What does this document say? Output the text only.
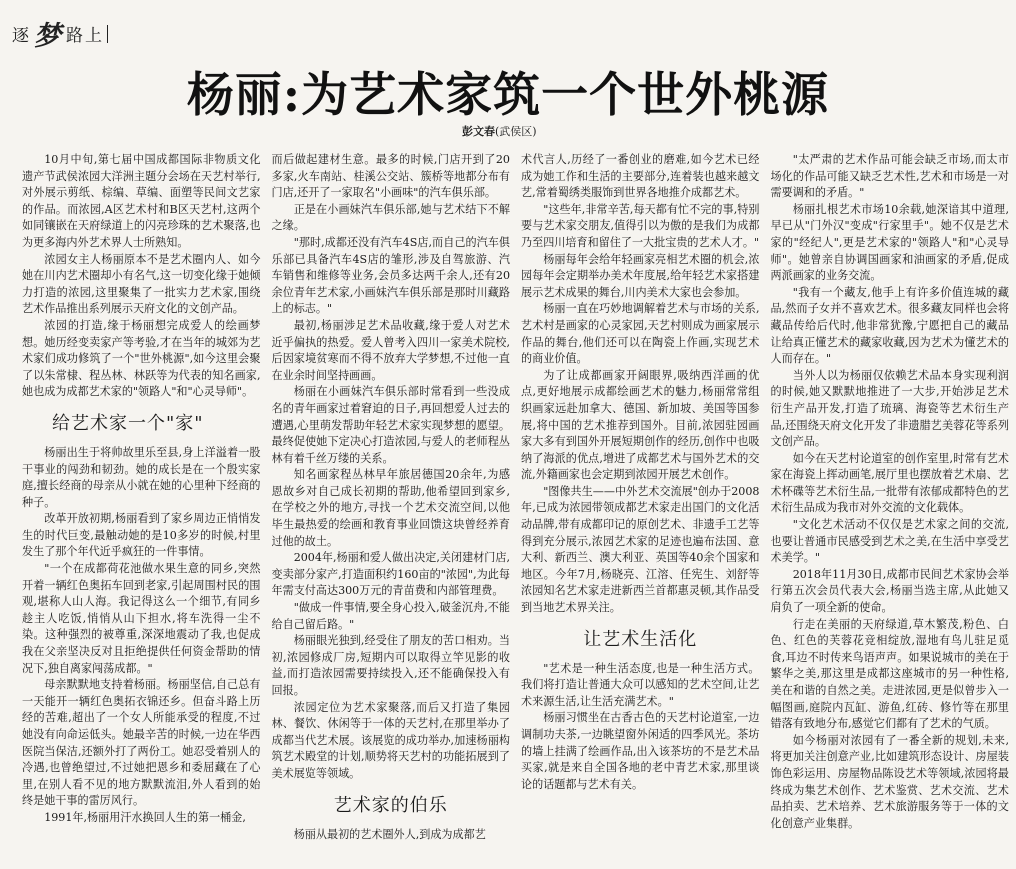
逐 梦 路上
杨丽:为艺术家筑一个世外桃源
彭文春(武侯区)

10月中旬,第七届中国成都国际非物质文化遗产节武侯浓园大洋洲主题分会场在天艺村举行,对外展示剪纸、棕编、草编、面塑等民间文艺家的作品。而浓园,A区艺术村和B区天艺村,这两个如同镶嵌在天府绿道上的闪亮珍珠的艺术聚落,也为更多海内外艺术界人士所熟知。

浓园女主人杨丽原本不是艺术圈内人、如今她在川内艺术圈却小有名气,这一切变化缘于她倾力打造的浓园,这里聚集了一批实力艺术家,围绕艺术作品推出系列展示天府文化的文创产品。

浓园的打造,缘于杨丽想完成爱人的绘画梦想。她历经变卖家产等考验,才在当年的城郊为艺术家们成功修筑了一个"世外桃源",如今这里会聚了以朱常棣、程丛林、林跃等为代表的知名画家,她也成为成都艺术家的"领路人"和"心灵导师"。

给艺术家一个"家"

杨丽出生于将帅故里乐至县,身上洋溢着一股干事业的闯劲和韧劲。她的成长是在一个殷实家庭,擅长经商的母亲从小就在她的心里种下经商的种子。

改革开放初期,杨丽看到了家乡周边正悄悄发生的时代巨变,最触动她的是10多岁的时候,村里发生了那个年代近乎疯狂的一件事情。

"一个在成都荷花池做水果生意的同乡,突然开着一辆红色奥拓车回到老家,引起周围村民的围观,堪称人山人海。我记得这么一个细节,有同乡趁主人吃饭,悄悄从山下担水,将车洗得一尘不染。这种强烈的被尊重,深深地震动了我,也促成我在父亲坚决反对且拒绝提供任何资金帮助的情况下,独自离家闯荡成都。"

母亲默默地支持着杨丽。杨丽坚信,自己总有一天能开一辆红色奥拓衣锦还乡。但奋斗路上历经的苦难,超出了一个女人所能承受的程度,不过她没有向命运低头。她最辛苦的时候,一边在华西医院当保洁,还额外打了两份工。她忍受着别人的冷遇,也曾绝望过,不过她把恩乡和委屈藏在了心里,在别人看不见的地方默默流泪,外人看到的始终是她干事的雷厉风行。

1991年,杨丽用汗水换回人生的第一桶金,

而后做起建材生意。最多的时候,门店开到了20多家,火车南站、桂溪公交站、簇桥等地都分布有门店,还开了一家取名"小画味"的汽车俱乐部。

正是在小画妹汽车俱乐部,她与艺术结下不解之缘。

"那时,成都还没有汽车4S店,而自己的汽车俱乐部已具备汽车4S店的雏形,涉及自驾旅游、汽车销售和维修等业务,会员多达两千余人,还有20余位青年艺术家,小画妹汽车俱乐部是那时川藏路上的标志。"

最初,杨丽涉足艺术品收藏,缘于爱人对艺术近乎偏执的热爱。爱人曾考入四川一家美术院校,后因家境贫寒而不得不放弃大学梦想,不过他一直在业余时间坚持画画。

杨丽在小画妹汽车俱乐部时常看到一些没成名的青年画家过着窘迫的日子,再回想爱人过去的遭遇,心里萌发帮助年轻艺术家实现梦想的愿望。最终促使她下定决心打造浓园,与爱人的老师程丛林有着千丝万缕的关系。

知名画家程丛林早年旅居德国20余年,为感恩故乡对自己成长初期的帮助,他希望回到家乡,在学校之外的地方,寻找一个艺术交流空间,以他毕生最热爱的绘画和教育事业回馈这块曾经养育过他的故土。

2004年,杨丽和爱人做出决定,关闭建材门店,变卖部分家产,打造面积约160亩的"浓园",为此每年需支付高达300万元的青苗费和内部管理费。

"做成一件事情,要全身心投入,破釜沉舟,不能给自己留后路。"

杨丽眼光独到,经受住了朋友的苦口相劝。当初,浓园修成厂房,短期内可以取得立竿见影的收益,而打造浓园需要持续投入,还不能确保投入有回报。

浓园定位为艺术家聚落,而后又打造了集园林、餐饮、休闲等于一体的天艺村,在那里举办了成都当代艺术展。该展览的成功举办,加速杨丽构筑艺术殿堂的计划,顺势将天艺村的功能拓展到了美术展览等领域。

艺术家的伯乐

杨丽从最初的艺术圈外人,到成为成都艺

术代言人,历经了一番创业的磨难,如今艺术已经成为她工作和生活的主要部分,连着装也越来越文艺,常着蜀绣类服饰到世界各地推介成都艺术。

"这些年,非常辛苦,每天都有忙不完的事,特别要与艺术家交朋友,值得引以为傲的是我们为成都乃至四川培育和留住了一大批宝贵的艺术人才。"

杨丽每年会给年轻画家亮相艺术圈的机会,浓园每年会定期举办美术年度展,给年轻艺术家搭建展示艺术成果的舞台,川内美术大家也会参加。

杨丽一直在巧妙地调解着艺术与市场的关系,艺术村是画家的心灵家园,天艺村则成为画家展示作品的舞台,他们还可以在陶瓷上作画,实现艺术的商业价值。

为了让成都画家开阔眼界,吸纳西洋画的优点,更好地展示成都绘画艺术的魅力,杨丽常常组织画家远赴加拿大、德国、新加坡、美国等国参展,将中国的艺术推荐到国外。目前,浓园驻园画家大多有到国外开展短期创作的经历,创作中也吸纳了海派的优点,增进了成都艺术与国外艺术的交流,外籍画家也会定期到浓园开展艺术创作。

"图像共生——中外艺术交流展"创办于2008年,已成为浓园带领成都艺术家走出国门的文化活动品牌,带有成都印记的原创艺术、非遗手工艺等得到充分展示,浓园艺术家的足迹也遍布法国、意大利、新西兰、澳大利亚、英国等40余个国家和地区。今年7月,杨晓亮、江溶、任宪生、刘舒等浓园知名艺术家走进新西兰首都惠灵顿,其作品受到当地艺术界关注。

让艺术生活化

"艺术是一种生活态度,也是一种生活方式。我们将打造让普通大众可以感知的艺术空间,让艺术来源生活,让生活充满艺术。"

杨丽习惯坐在古香古色的天艺村论道室,一边调制功夫茶,一边眺望窗外闲适的四季风光。茶坊的墙上挂满了绘画作品,出入该茶坊的不是艺术品买家,就是来自全国各地的老中青艺术家,那里谈论的话题都与艺术有关。

"太严肃的艺术作品可能会缺乏市场,而太市场化的作品可能又缺乏艺术性,艺术和市场是一对需要调和的矛盾。"

杨丽扎根艺术市场10余载,她深谙其中道理,早已从"门外汉"变成"行家里手"。她不仅是艺术家的"经纪人",更是艺术家的"领路人"和"心灵导师"。她曾亲自协调国画家和油画家的矛盾,促成两派画家的业务交流。

"我有一个藏友,他手上有许多价值连城的藏品,然而子女并不喜欢艺术。很多藏友同样也会将藏品传给后代时,他非常犹豫,宁愿把自己的藏品让给真正懂艺术的藏家收藏,因为艺术为懂艺术的人而存在。"

当外人以为杨丽仅依赖艺术品本身实现利润的时候,她又默默地推进了一大步,开始涉足艺术衍生产品开发,打造了琉璃、海瓷等艺术衍生产品,还围绕天府文化开发了非遗腊艺美蓉花等系列文创产品。

如今在天艺村论道室的创作室里,时常有艺术家在海瓷上挥动画笔,展厅里也摆放着艺术扇、艺术杯碟等艺术衍生品,一批带有浓郁成都特色的艺术衍生品成为我市对外交流的文化载体。

"文化艺术活动不仅仅是艺术家之间的交流,也要让普通市民感受到艺术之美,在生活中享受艺术美学。"

2018年11月30日,成都市民间艺术家协会举行第五次会员代表大会,杨丽当选主席,从此她又肩负了一项全新的使命。

行走在美丽的天府绿道,草木繁茂,粉色、白色、红色的芙蓉花竞相绽放,湿地有鸟儿驻足觅食,耳边不时传来鸟语声声。如果说城市的美在于繁华之美,那这里是成都这座城市的另一种性格,美在和谐的自然之美。走进浓园,更是似曾步入一幅图画,庭院内瓦缸、游鱼,红砖、修竹等在那里错落有致地分布,感觉它们都有了艺术的气质。

如今杨丽对浓园有了一番全新的规划,未来,将更加关注创意产业,比如建筑形态设计、房屋装饰色彩运用、房屋物品陈设艺术等领域,浓园将最终成为集艺术创作、艺术鉴赏、艺术交流、艺术品拍卖、艺术培养、艺术旅游服务等于一体的文化创意产业集群。
